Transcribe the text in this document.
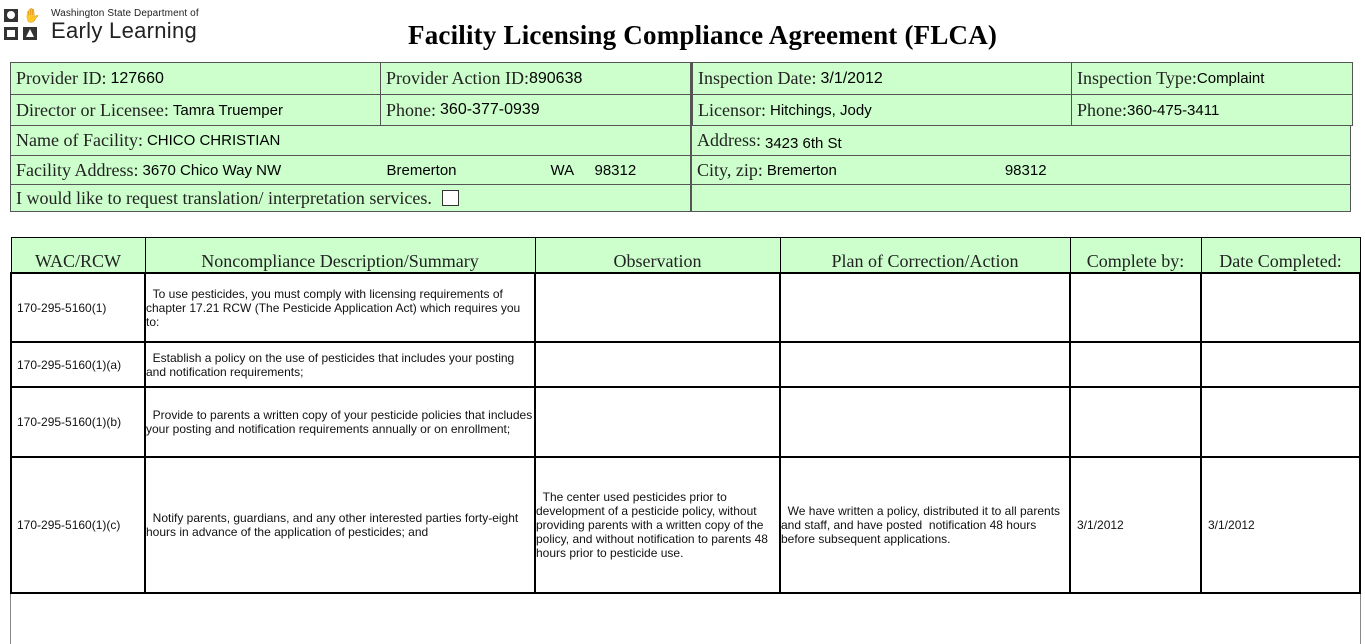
✋ Washington State Department of
Early Learning	Facility Licensing Compliance Agreement (FLCA)
Provider ID: 127660	Provider Action ID: 890638	Inspection Date: 3/1/2012	Inspection Type: Complaint
Director or Licensee: Tamra Truemper	Phone: 360-377-0939	Licensor: Hitchings, Jody	Phone: 360-475-3411
Name of Facility: CHICO CHRISTIAN	Address: 3423 6th St
Facility Address: 3670 Chico Way NW	Bremerton	WA	98312	City, zip: Bremerton	98312
I would like to request translation/ interpretation services.
WAC/RCW	Noncompliance Description/Summary	Observation	Plan of Correction/Action	Complete by:	Date Completed:
170-295-5160(1)	To use pesticides, you must comply with licensing requirements of chapter 17.21 RCW (The Pesticide Application Act) which requires you to:				
170-295-5160(1)(a)	Establish a policy on the use of pesticides that includes your posting and notification requirements;				
170-295-5160(1)(b)	Provide to parents a written copy of your pesticide policies that includes your posting and notification requirements annually or on enrollment;				
170-295-5160(1)(c)	Notify parents, guardians, and any other interested parties forty-eight hours in advance of the application of pesticides; and	The center used pesticides prior to development of a pesticide policy, without providing parents with a written copy of the policy, and without notification to parents 48 hours prior to pesticide use.	We have written a policy, distributed it to all parents and staff, and have posted  notification 48 hours before subsequent applications.	3/1/2012	3/1/2012
